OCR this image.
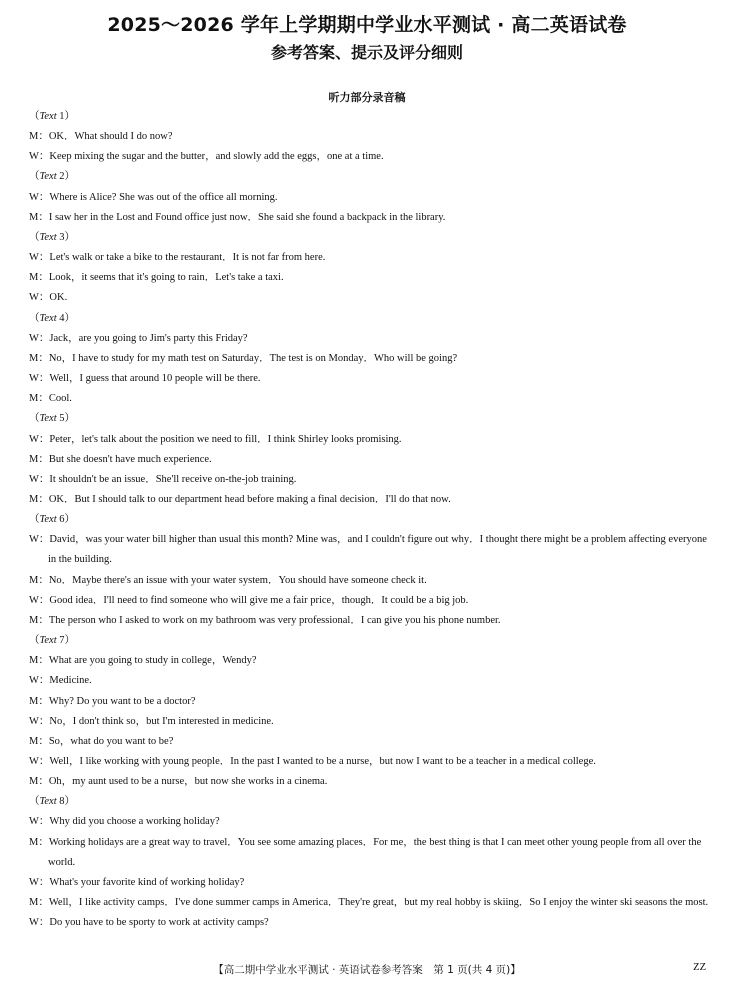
2025～2026 学年上学期期中学业水平测试 · 高二英语试卷
参考答案、提示及评分细则
听力部分录音稿
（Text 1）
M：OK．What should I do now?
W：Keep mixing the sugar and the butter，and slowly add the eggs，one at a time.
（Text 2）
W：Where is Alice? She was out of the office all morning.
M：I saw her in the Lost and Found office just now．She said she found a backpack in the library.
（Text 3）
W：Let's walk or take a bike to the restaurant．It is not far from here.
M：Look，it seems that it's going to rain．Let's take a taxi.
W：OK.
（Text 4）
W：Jack，are you going to Jim's party this Friday?
M：No，I have to study for my math test on Saturday．The test is on Monday．Who will be going?
W：Well，I guess that around 10 people will be there.
M：Cool.
（Text 5）
W：Peter，let's talk about the position we need to fill．I think Shirley looks promising.
M：But she doesn't have much experience.
W：It shouldn't be an issue．She'll receive on-the-job training.
M：OK．But I should talk to our department head before making a final decision．I'll do that now.
（Text 6）
W：David，was your water bill higher than usual this month? Mine was，and I couldn't figure out why．I thought there might be a problem affecting everyone in the building.
M：No．Maybe there's an issue with your water system．You should have someone check it.
W：Good idea．I'll need to find someone who will give me a fair price，though．It could be a big job.
M：The person who I asked to work on my bathroom was very professional．I can give you his phone number.
（Text 7）
M：What are you going to study in college，Wendy?
W：Medicine.
M：Why? Do you want to be a doctor?
W：No，I don't think so，but I'm interested in medicine.
M：So，what do you want to be?
W：Well，I like working with young people．In the past I wanted to be a nurse，but now I want to be a teacher in a medical college.
M：Oh，my aunt used to be a nurse，but now she works in a cinema.
（Text 8）
W：Why did you choose a working holiday?
M：Working holidays are a great way to travel．You see some amazing places．For me，the best thing is that I can meet other young people from all over the world.
W：What's your favorite kind of working holiday?
M：Well，I like activity camps．I've done summer camps in America．They're great，but my real hobby is skiing．So I enjoy the winter ski seasons the most.
W：Do you have to be sporty to work at activity camps?
【高二期中学业水平测试 · 英语试卷参考答案　第 1 页(共 4 页)】	ZZ
